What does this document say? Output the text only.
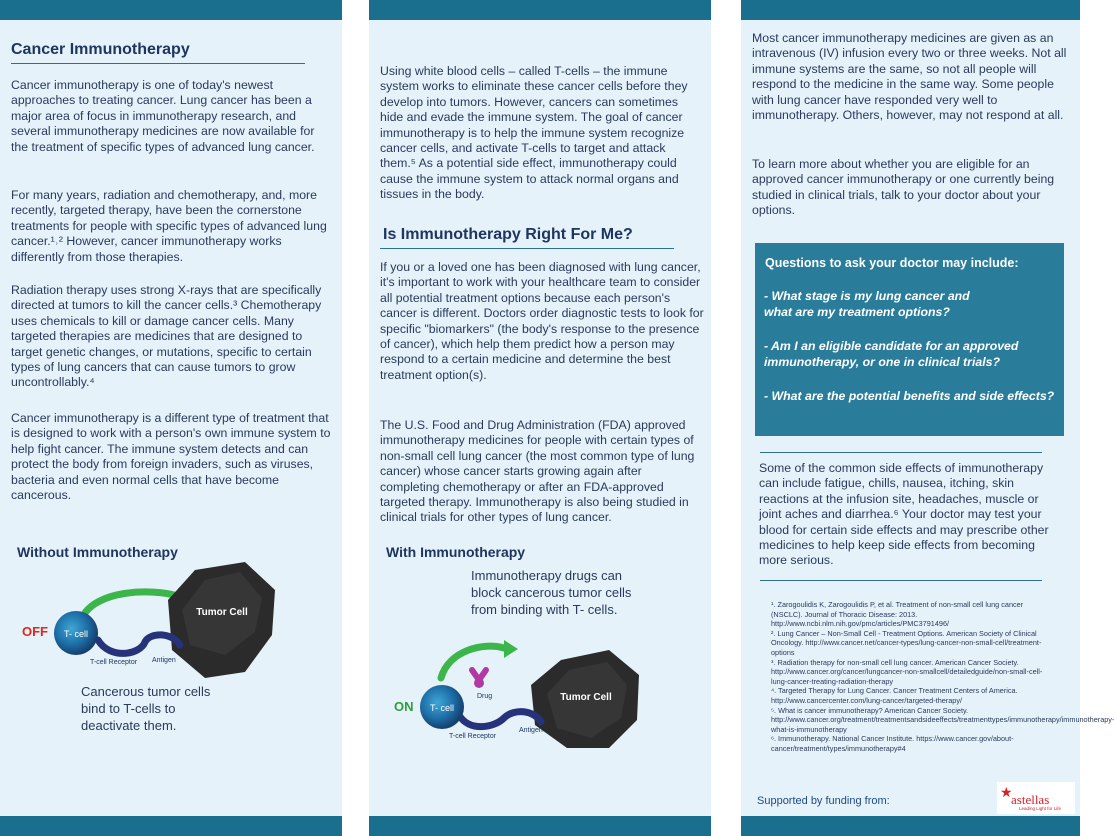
Cancer Immunotherapy

Cancer immunotherapy is one of today's newest approaches to treating cancer. Lung cancer has been a major area of focus in immunotherapy research, and several immunotherapy medicines are now available for the treatment of specific types of advanced lung cancer.

For many years, radiation and chemotherapy, and, more recently, targeted therapy, have been the cornerstone treatments for people with specific types of advanced lung cancer.¹˒² However, cancer immunotherapy works differently from those therapies.

Radiation therapy uses strong X-rays that are specifically directed at tumors to kill the cancer cells.³ Chemotherapy uses chemicals to kill or damage cancer cells. Many targeted therapies are medicines that are designed to target genetic changes, or mutations, specific to certain types of lung cancers that can cause tumors to grow uncontrollably.⁴

Cancer immunotherapy is a different type of treatment that is designed to work with a person's own immune system to help fight cancer. The immune system detects and can protect the body from foreign invaders, such as viruses, bacteria and even normal cells that have become cancerous.

Without Immunotherapy
Tumor Cell
T- cell
OFF
T-cell Receptor Antigen

Cancerous tumor cells bind to T-cells to deactivate them.

Using white blood cells – called T-cells – the immune system works to eliminate these cancer cells before they develop into tumors. However, cancers can sometimes hide and evade the immune system. The goal of cancer immunotherapy is to help the immune system recognize cancer cells, and activate T-cells to target and attack them.⁵ As a potential side effect, immunotherapy could cause the immune system to attack normal organs and tissues in the body.

Is Immunotherapy Right For Me?

If you or a loved one has been diagnosed with lung cancer, it's important to work with your healthcare team to consider all potential treatment options because each person's cancer is different. Doctors order diagnostic tests to look for specific "biomarkers" (the body's response to the presence of cancer), which help them predict how a person may respond to a certain medicine and determine the best treatment option(s).

The U.S. Food and Drug Administration (FDA) approved immunotherapy medicines for people with certain types of non-small cell lung cancer (the most common type of lung cancer) whose cancer starts growing again after completing chemotherapy or after an FDA-approved targeted therapy. Immunotherapy is also being studied in clinical trials for other types of lung cancer.

With Immunotherapy

Immunotherapy drugs can block cancerous tumor cells from binding with T- cells.

Drug	Tumor Cell
T- cell
ON
T-cell Receptor
Antigen

Most cancer immunotherapy medicines are given as an intravenous (IV) infusion every two or three weeks. Not all immune systems are the same, so not all people will respond to the medicine in the same way. Some people with lung cancer have responded very well to immunotherapy. Others, however, may not respond at all.

To learn more about whether you are eligible for an approved cancer immunotherapy or one currently being studied in clinical trials, talk to your doctor about your options.

Some of the common side effects of immunotherapy can include fatigue, chills, nausea, itching, skin reactions at the infusion site, headaches, muscle or joint aches and diarrhea.⁶ Your doctor may test your blood for certain side effects and may prescribe other medicines to help keep side effects from becoming more serious.

Supported by funding from:

★
astellas
Leading Light for Life

Questions to ask your doctor may include:

- What stage is my lung cancer and what are my treatment options?

- Am I an eligible candidate for an approved immunotherapy, or one in clinical trials?

- What are the potential benefits and side effects?

¹. Zarogoulidis K, Zarogoulidis P, et al. Treatment of non-small cell lung cancer (NSCLC). Journal of Thoracic Disease: 2013. http://www.ncbi.nlm.nih.gov/pmc/articles/PMC3791496/
². Lung Cancer – Non-Small Cell - Treatment Options. American Society of Clinical Oncology. http://www.cancer.net/cancer-types/lung-cancer-non-small-cell/treatment-options
³. Radiation therapy for non-small cell lung cancer. American Cancer Society. http://www.cancer.org/cancer/lungcancer-non-smallcell/detailedguide/non-small-cell-lung-cancer-treating-radiation-therapy
⁴. Targeted Therapy for Lung Cancer. Cancer Treatment Centers of America. http://www.cancercenter.com/lung-cancer/targeted-therapy/
⁵. What is cancer immunotherapy? American Cancer Society. http://www.cancer.org/treatment/treatmentsandsideeffects/treatmenttypes/immunotherapy/immunotherapy-what-is-immunotherapy
⁶. Immunotherapy. National Cancer Institute. https://www.cancer.gov/about-cancer/treatment/types/immunotherapy#4
